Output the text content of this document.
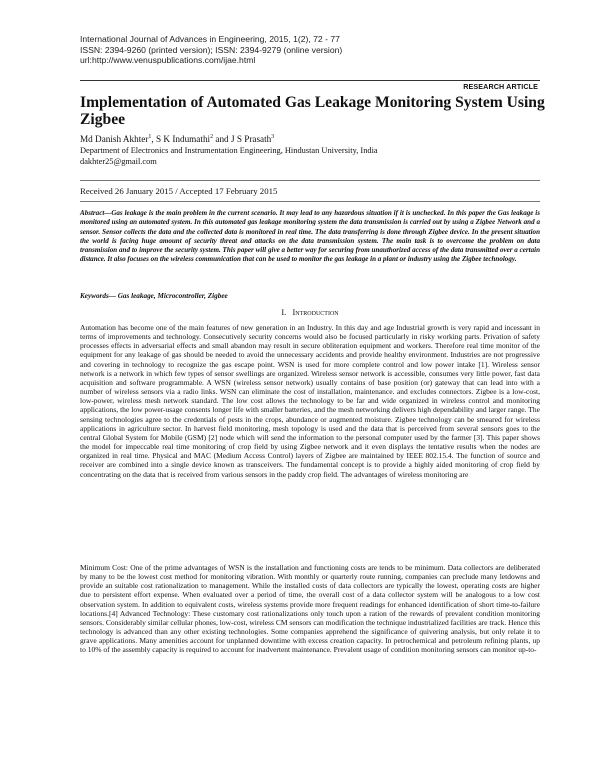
International Journal of Advances in Engineering, 2015, 1(2), 72 - 77
ISSN: 2394-9260 (printed version); ISSN: 2394-9279 (online version)
url:http://www.venuspublications.com/ijae.html
RESEARCH ARTICLE
Implementation of Automated Gas Leakage Monitoring System Using Zigbee
Md Danish Akhter$^1$, S K Indumathi$^2$ and J S Prasath$^3$
Department of Electronics and Instrumentation Engineering, Hindustan University, India
dakhter25@gmail.com
Received 26 January 2015 / Accepted 17 February 2015

Abstract—Gas leakage is the main problem in the current scenario. It may lead to any hazardous situation if it is unchecked. In this paper the Gas leakage is monitored using an automated system. In this automated gas leakage monitoring system the data transmission is carried out by using a Zigbee Network and a sensor. Sensor collects the data and the collected data is monitored in real time. The data transferring is done through Zigbee device. In the present situation the world is facing huge amount of security threat and attacks on the data transmission system. The main task is to overcome the problem on data transmission and to improve the security system. This paper will give a better way for securing from unauthorized access of the data transmitted over a certain distance. It also focuses on the wireless communication that can be used to monitor the gas leakage in a plant or industry using the Zigbee technology.

Keywords— Gas leakage, Microcontroller, Zigbee
I. Introduction

Automation has become one of the main features of new generation in an Industry. In this day and age Industrial growth is very rapid and incessant in terms of improvements and technology. Consecutively security concerns would also be focused particularly in risky working parts. Privation of safety processes effects in adversarial effects and small abandon may result in secure obliteration equipment and workers. Therefore real time monitor of the equipment for any leakage of gas should be needed to avoid the unnecessary accidents and provide healthy environment. Industries are not progressive and covering in technology to recognize the gas escape point. WSN is used for more complete control and low power intake [1]. Wireless sensor network is a network in which few types of sensor swellings are organized. Wireless sensor network is accessible, consumes very little power, fast data acquisition and software programmable. A WSN (wireless sensor network) usually contains of base position (or) gateway that can lead into with a number of wireless sensors via a radio links. WSN can eliminate the cost of installation, maintenance. and excludes connectors. Zigbee is a low-cost, low-power, wireless mesh network standard. The low cost allows the technology to be far and wide organized in wireless control and monitoring applications, the low power-usage consents longer life with smaller batteries, and the mesh networking delivers high dependability and larger range. The sensing technologies agree to the credentials of pests in the crops, abundance or augmented moisture. Zigbee technology can be smeared for wireless applications in agriculture sector. In harvest field monitoring, mesh topology is used and the data that is perceived from several sensors goes to the central Global System for Mobile (GSM) [2] node which will send the information to the personal computer used by the farmer [3]. This paper shows the model for impeccable real time monitoring of crop field by using Zigbee network and it even displays the tentative results when the nodes are organized in real time. Physical and MAC (Medium Access Control) layers of Zigbee are maintained by IEEE 802.15.4. The function of source and receiver are combined into a single device known as transceivers. The fundamental concept is to provide a highly aided monitoring of crop field by concentrating on the data that is received from various sensors in the paddy crop field. The advantages of wireless monitoring are

Minimum Cost: One of the prime advantages of WSN is the installation and functioning costs are tends to be minimum. Data collectors are deliberated by many to be the lowest cost method for monitoring vibration. With monthly or quarterly route running, companies can preclude many letdowns and provide an suitable cost rationalization to management. While the installed costs of data collectors are typically the lowest, operating costs are higher due to persistent effort expense. When evaluated over a period of time, the overall cost of a data collector system will be analogous to a low cost observation system. In addition to equivalent costs, wireless systems provide more frequent readings for enhanced identification of short time-to-failure locations.[4] Advanced Technology: These customary cost rationalizations only touch upon a ration of the rewards of prevalent condition monitoring sensors. Considerably similar cellular phones, low-cost, wireless CM sensors can modification the technique industrialized facilities are track. Hence this technology is advanced than any other existing technologies. Some companies apprehend the significance of quivering analysis, but only relate it to grave applications. Many amenities account for unplanned downtime with excess creation capacity. In petrochemical and petroleum refining plants, up to 10% of the assembly capacity is required to account for inadvertent maintenance. Prevalent usage of condition monitoring sensors can monitor up-to-
